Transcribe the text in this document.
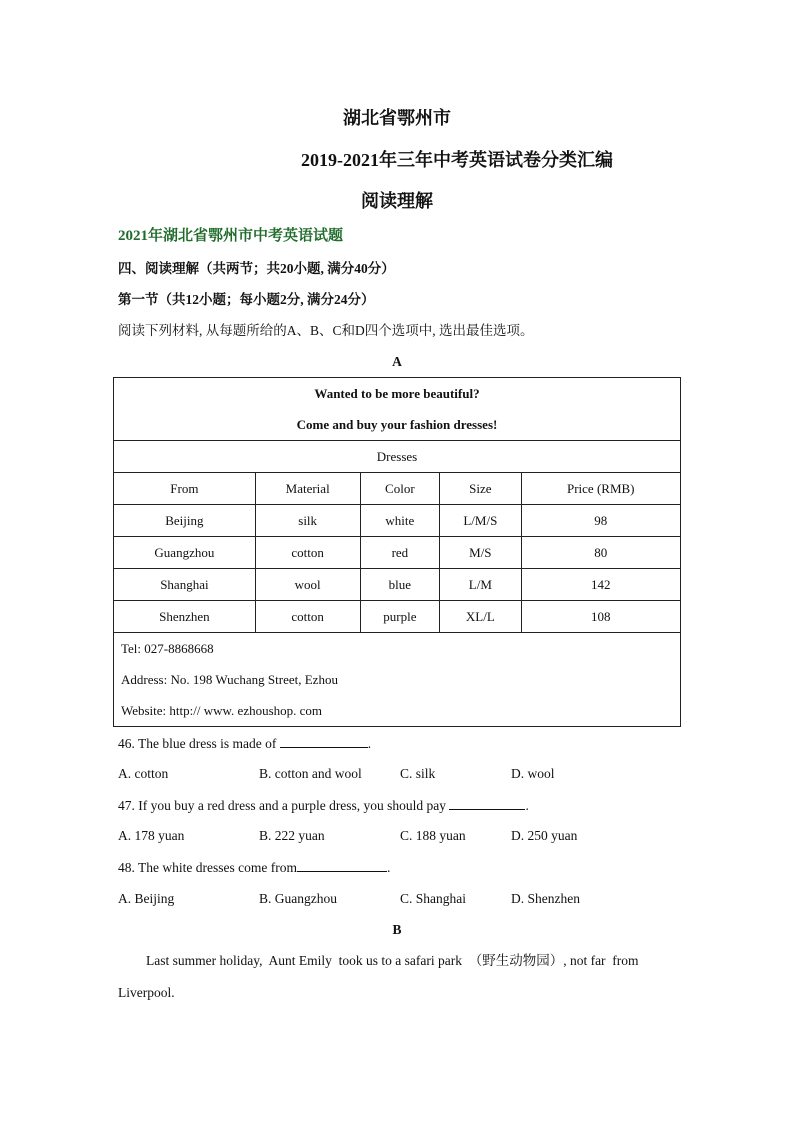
湖北省鄂州市
2019-2021年三年中考英语试卷分类汇编
阅读理解
2021年湖北省鄂州市中考英语试题
四、阅读理解（共两节；共20小题, 满分40分）
第一节（共12小题；每小题2分, 满分24分）
阅读下列材料, 从每题所给的A、B、C和D四个选项中, 选出最佳选项。
A
Wanted to be more beautiful?
Come and buy your fashion dresses!				

Dresses				
From	Material	Color	Size	Price (RMB)
Beijing	silk	white	L/M/S	98
Guangzhou	cotton	red	M/S	80
Shanghai	wool	blue	L/M	142
Shenzhen	cotton	purple	XL/L	108

Tel: 027-8868668
Address: No. 198 Wuchang Street, Ezhou
Website: http:// www. ezhoushop. com				
46. The blue dress is made of	.
A. cotton	B. cotton and wool	C. silk	D. wool
47. If you buy a red dress and a purple dress, you should pay	.
A. 178 yuan	B. 222 yuan	C. 188 yuan	D. 250 yuan
48. The white dresses come from	.
A. Beijing	B. Guangzhou	C. Shanghai	D. Shenzhen
B
Last summer holiday,  Aunt Emily  took us to a safari park  （野生动物园）, not far  from
Liverpool.
